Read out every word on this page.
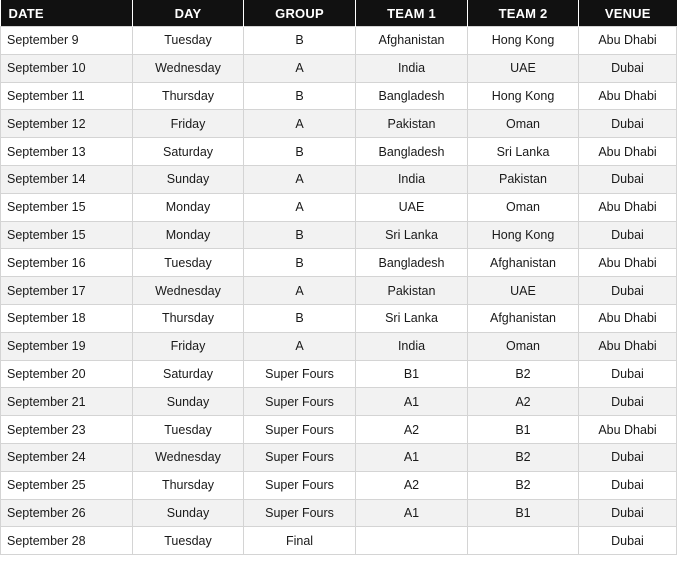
DATE	DAY	GROUP	TEAM 1	TEAM 2	VENUE
September 9	Tuesday	B	Afghanistan	Hong Kong	Abu Dhabi
September 10	Wednesday	A	India	UAE	Dubai
September 11	Thursday	B	Bangladesh	Hong Kong	Abu Dhabi
September 12	Friday	A	Pakistan	Oman	Dubai
September 13	Saturday	B	Bangladesh	Sri Lanka	Abu Dhabi
September 14	Sunday	A	India	Pakistan	Dubai
September 15	Monday	A	UAE	Oman	Abu Dhabi
September 15	Monday	B	Sri Lanka	Hong Kong	Dubai
September 16	Tuesday	B	Bangladesh	Afghanistan	Abu Dhabi
September 17	Wednesday	A	Pakistan	UAE	Dubai
September 18	Thursday	B	Sri Lanka	Afghanistan	Abu Dhabi
September 19	Friday	A	India	Oman	Abu Dhabi
September 20	Saturday	Super Fours	B1	B2	Dubai
September 21	Sunday	Super Fours	A1	A2	Dubai
September 23	Tuesday	Super Fours	A2	B1	Abu Dhabi
September 24	Wednesday	Super Fours	A1	B2	Dubai
September 25	Thursday	Super Fours	A2	B2	Dubai
September 26	Sunday	Super Fours	A1	B1	Dubai
September 28	Tuesday	Final			Dubai
